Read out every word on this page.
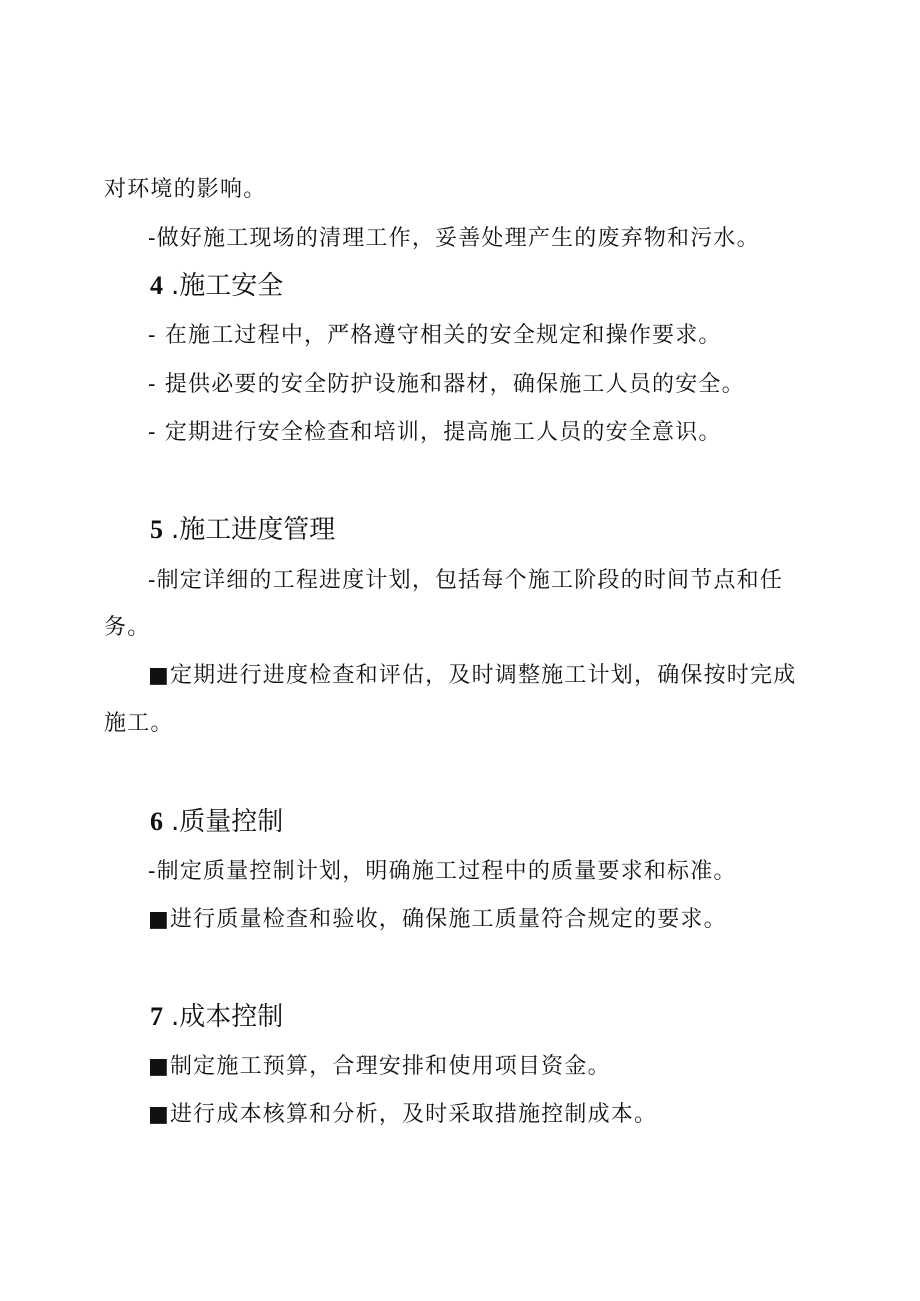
对环境的影响。
-做好施工现场的清理工作，妥善处理产生的废弃物和污水。
4 .施工安全
- 在施工过程中，严格遵守相关的安全规定和操作要求。
- 提供必要的安全防护设施和器材，确保施工人员的安全。
- 定期进行安全检查和培训，提高施工人员的安全意识。
5 .施工进度管理
-制定详细的工程进度计划，包括每个施工阶段的时间节点和任
务。
■定期进行进度检查和评估，及时调整施工计划，确保按时完成
施工。
6 .质量控制
-制定质量控制计划，明确施工过程中的质量要求和标准。
■进行质量检查和验收，确保施工质量符合规定的要求。
7 .成本控制
■制定施工预算，合理安排和使用项目资金。
■进行成本核算和分析，及时采取措施控制成本。
